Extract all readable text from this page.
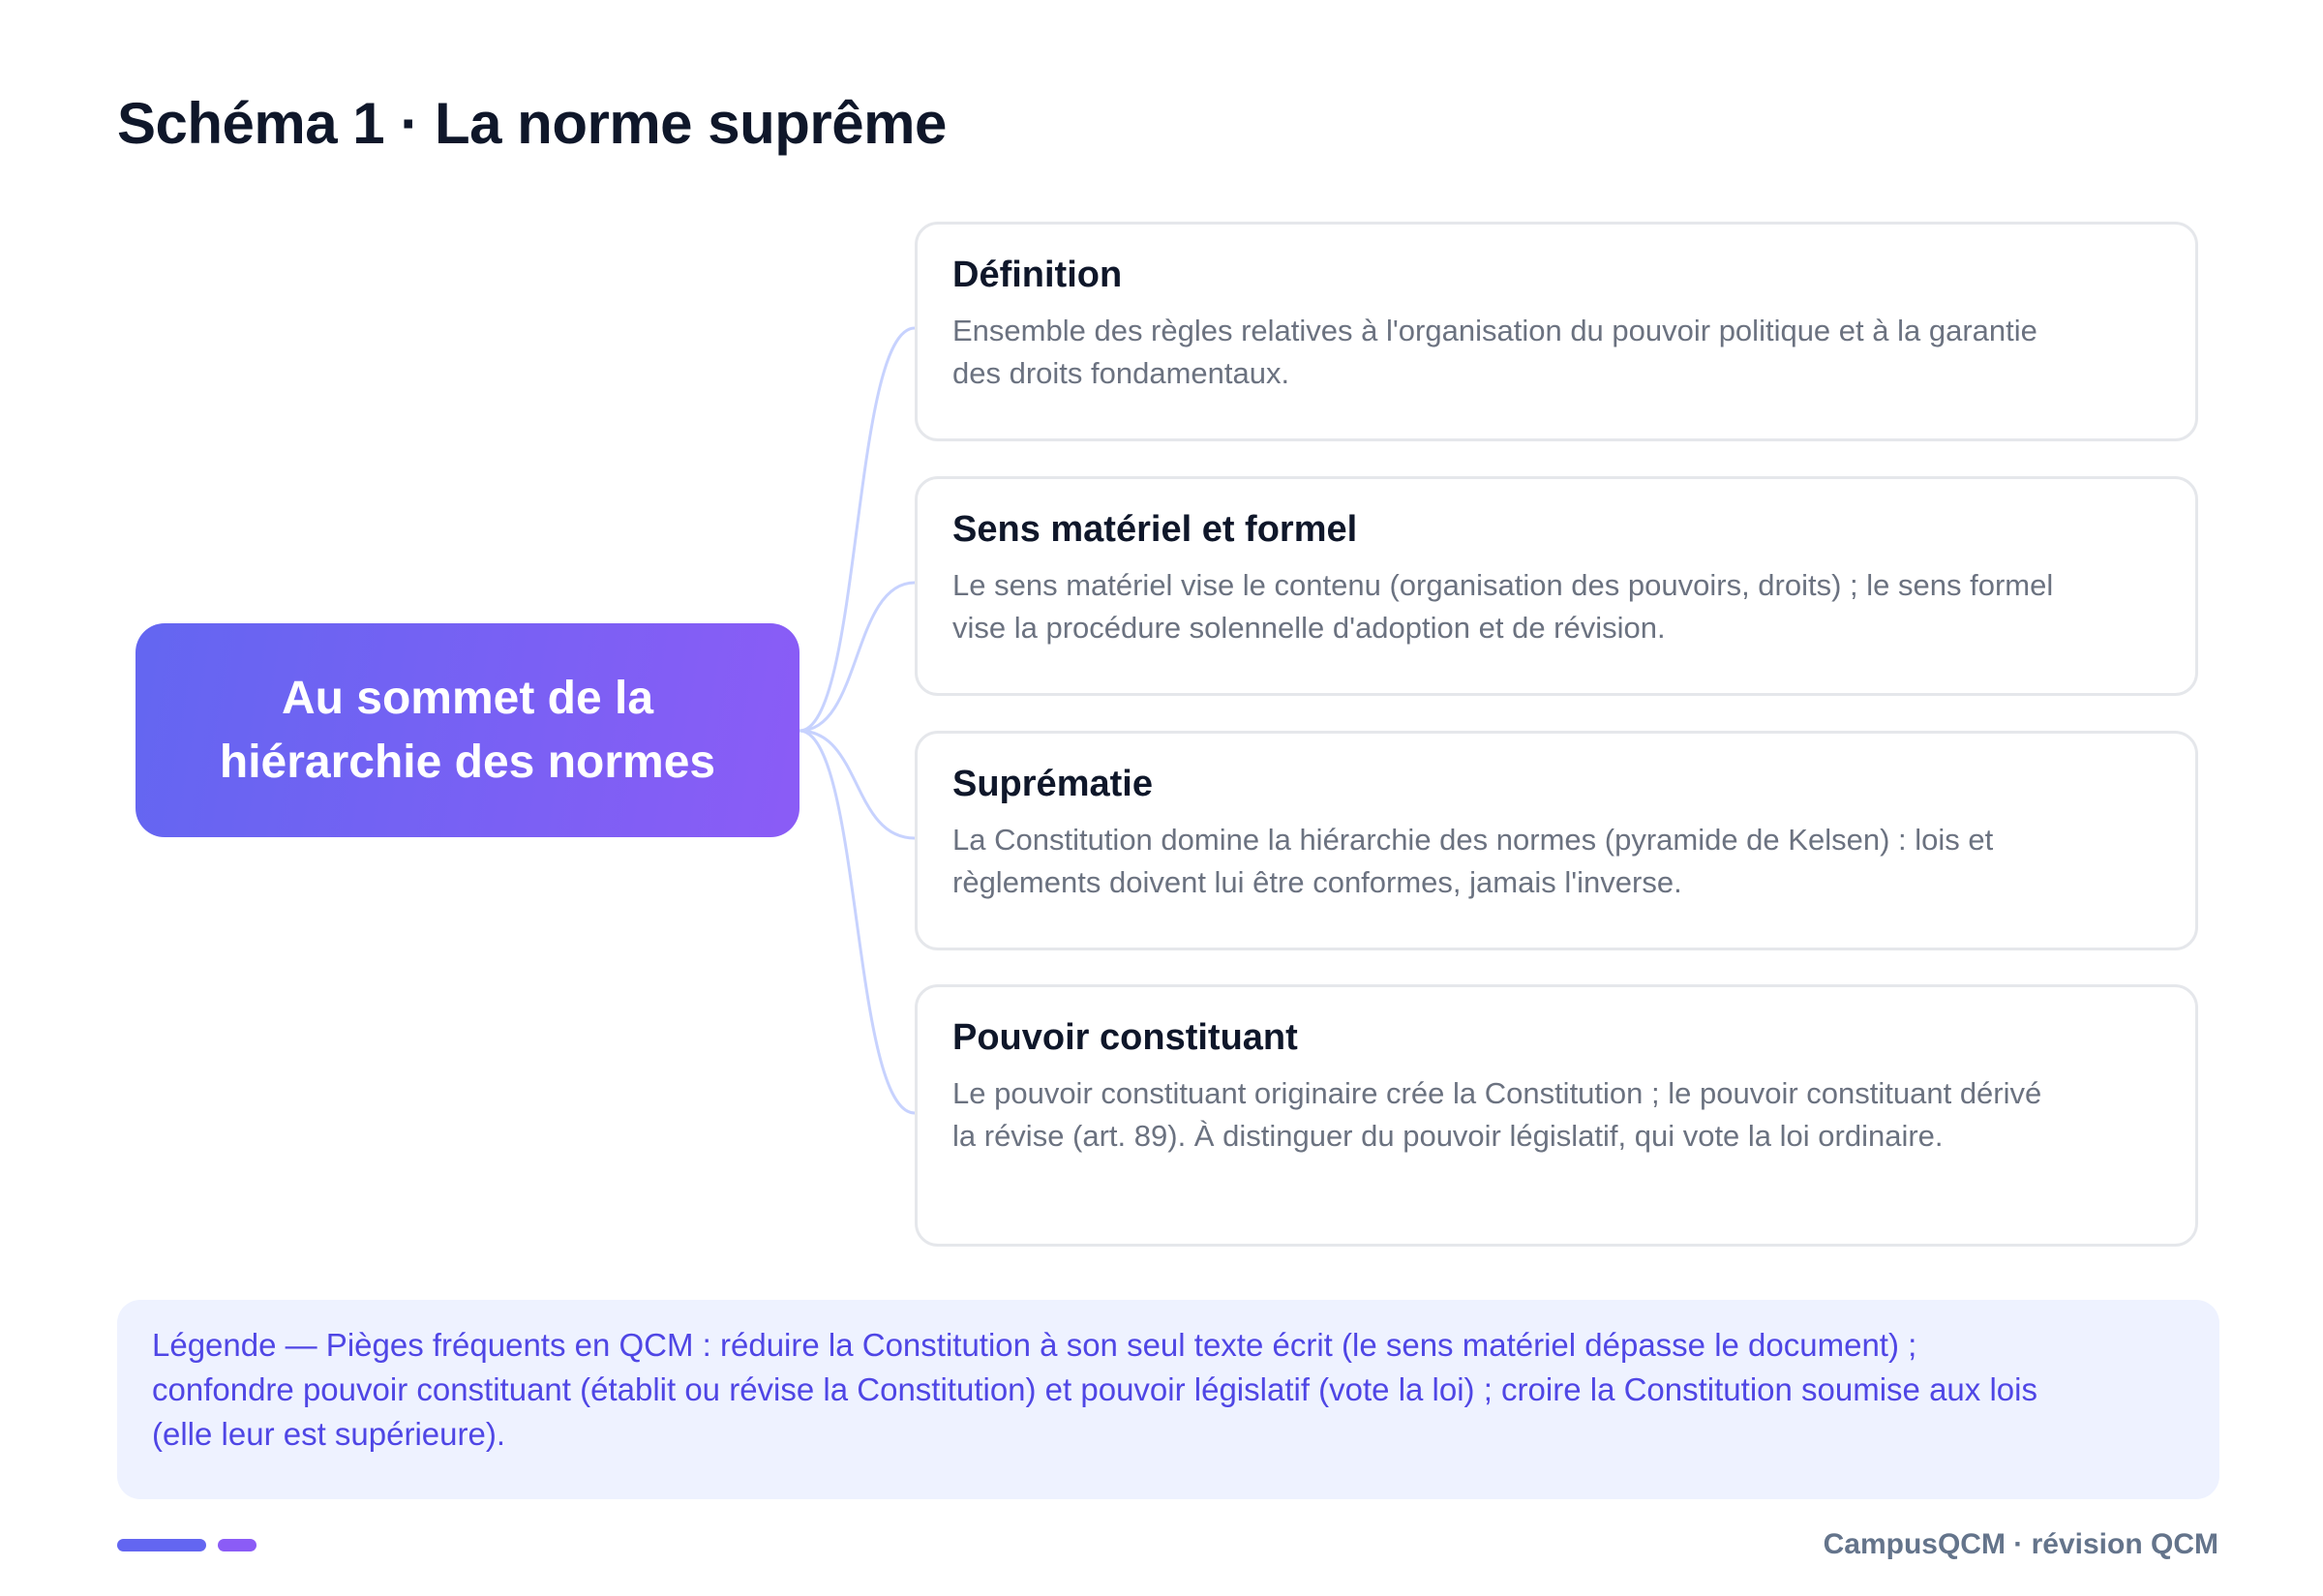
Schéma 1 · La norme suprême
Au sommet de la hiérarchie des normes
Définition
Ensemble des règles relatives à l'organisation du pouvoir politique et à la garantie des droits fondamentaux.
Sens matériel et formel
Le sens matériel vise le contenu (organisation des pouvoirs, droits) ; le sens formel vise la procédure solennelle d'adoption et de révision.
Suprématie
La Constitution domine la hiérarchie des normes (pyramide de Kelsen) : lois et règlements doivent lui être conformes, jamais l'inverse.
Pouvoir constituant
Le pouvoir constituant originaire crée la Constitution ; le pouvoir constituant dérivé la révise (art. 89). À distinguer du pouvoir législatif, qui vote la loi ordinaire.
Légende — Pièges fréquents en QCM : réduire la Constitution à son seul texte écrit (le sens matériel dépasse le document) ; confondre pouvoir constituant (établit ou révise la Constitution) et pouvoir législatif (vote la loi) ; croire la Constitution soumise aux lois (elle leur est supérieure).
CampusQCM · révision QCM
